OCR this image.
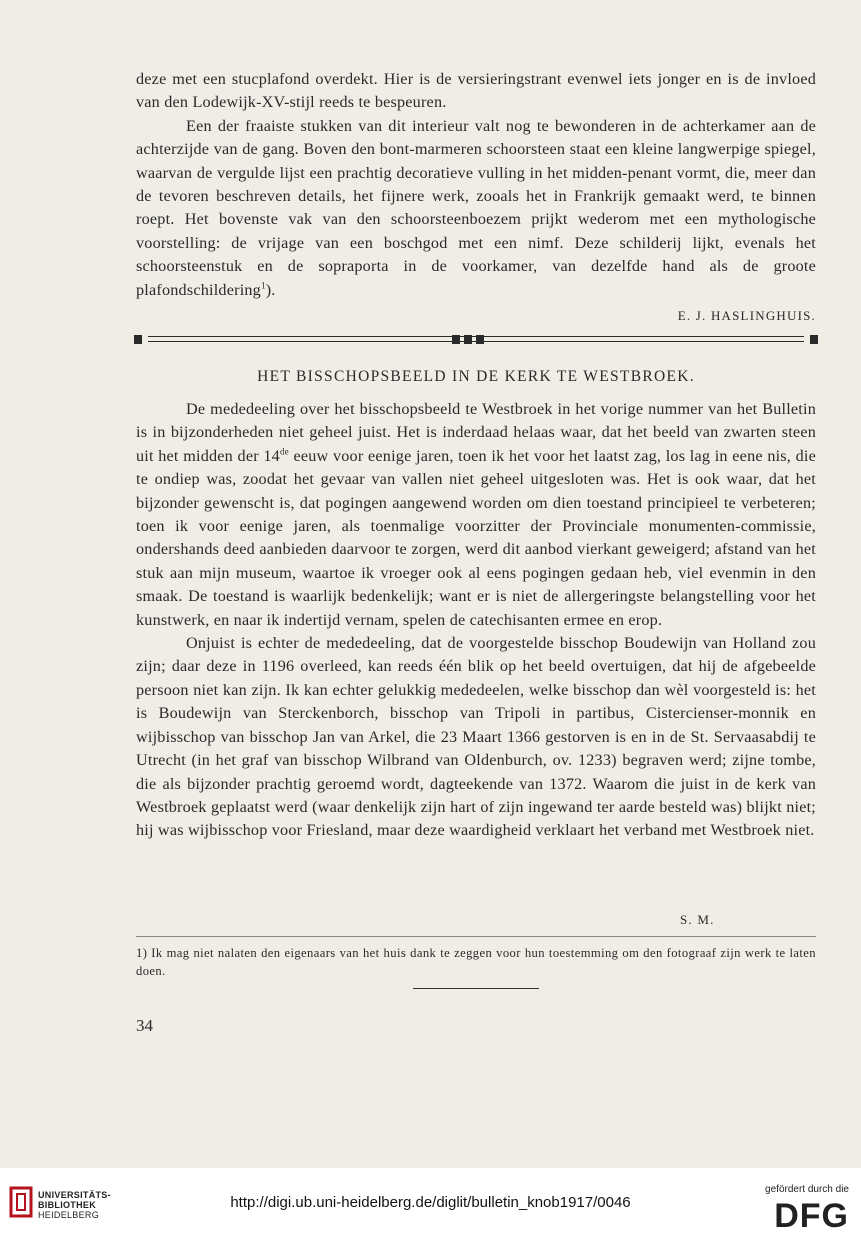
deze met een stucplafond overdekt. Hier is de versieringstrant evenwel iets jonger en is de invloed van den Lodewijk-XV-stijl reeds te bespeuren.

Een der fraaiste stukken van dit interieur valt nog te bewonderen in de achterkamer aan de achterzijde van de gang. Boven den bont-marmeren schoorsteen staat een kleine langwerpige spiegel, waarvan de vergulde lijst een prachtig decoratieve vulling in het midden-penant vormt, die, meer dan de tevoren beschreven details, het fijnere werk, zooals het in Frankrijk gemaakt werd, te binnen roept. Het bovenste vak van den schoorsteenboezem prijkt wederom met een mythologische voorstelling: de vrijage van een boschgod met een nimf. Deze schilderij lijkt, evenals het schoorsteenstuk en de sopraporta in de voorkamer, van dezelfde hand als de groote plafondschildering$^1$).

E. J. HASLINGHUIS.
HET BISSCHOPSBEELD IN DE KERK TE WESTBROEK.

De mededeeling over het bisschopsbeeld te Westbroek in het vorige nummer van het Bulletin is in bijzonderheden niet geheel juist. Het is inderdaad helaas waar, dat het beeld van zwarten steen uit het midden der 14de eeuw voor eenige jaren, toen ik het voor het laatst zag, los lag in eene nis, die te ondiep was, zoodat het gevaar van vallen niet geheel uitgesloten was. Het is ook waar, dat het bijzonder gewenscht is, dat pogingen aangewend worden om dien toestand principieel te verbeteren; toen ik voor eenige jaren, als toenmalige voorzitter der Provinciale monumenten-commissie, ondershands deed aanbieden daarvoor te zorgen, werd dit aanbod vierkant geweigerd; afstand van het stuk aan mijn museum, waartoe ik vroeger ook al eens pogingen gedaan heb, viel evenmin in den smaak. De toestand is waarlijk bedenkelijk; want er is niet de allergeringste belangstelling voor het kunstwerk, en naar ik indertijd vernam, spelen de catechisanten ermee en erop.

Onjuist is echter de mededeeling, dat de voorgestelde bisschop Boudewijn van Holland zou zijn; daar deze in 1196 overleed, kan reeds één blik op het beeld overtuigen, dat hij de afgebeelde persoon niet kan zijn. Ik kan echter gelukkig mededeelen, welke bisschop dan wèl voorgesteld is: het is Boudewijn van Sterckenborch, bisschop van Tripoli in partibus, Cistercienser-monnik en wijbisschop van bisschop Jan van Arkel, die 23 Maart 1366 gestorven is en in de St. Servaasabdij te Utrecht (in het graf van bisschop Wilbrand van Oldenburch, ov. 1233) begraven werd; zijne tombe, die als bijzonder prachtig geroemd wordt, dagteekende van 1372. Waarom die juist in de kerk van Westbroek geplaatst werd (waar denkelijk zijn hart of zijn ingewand ter aarde besteld was) blijkt niet; hij was wijbisschop voor Friesland, maar deze waardigheid verklaart het verband met Westbroek niet.

S. M.

1) Ik mag niet nalaten den eigenaars van het huis dank te zeggen voor hun toestemming om den fotograaf zijn werk te laten doen.

34
UNIVERSITÄTS-
BIBLIOTHEK
HEIDELBERG
http://digi.ub.uni-heidelberg.de/diglit/bulletin_knob1917/0046
gefördert durch die
DFG
